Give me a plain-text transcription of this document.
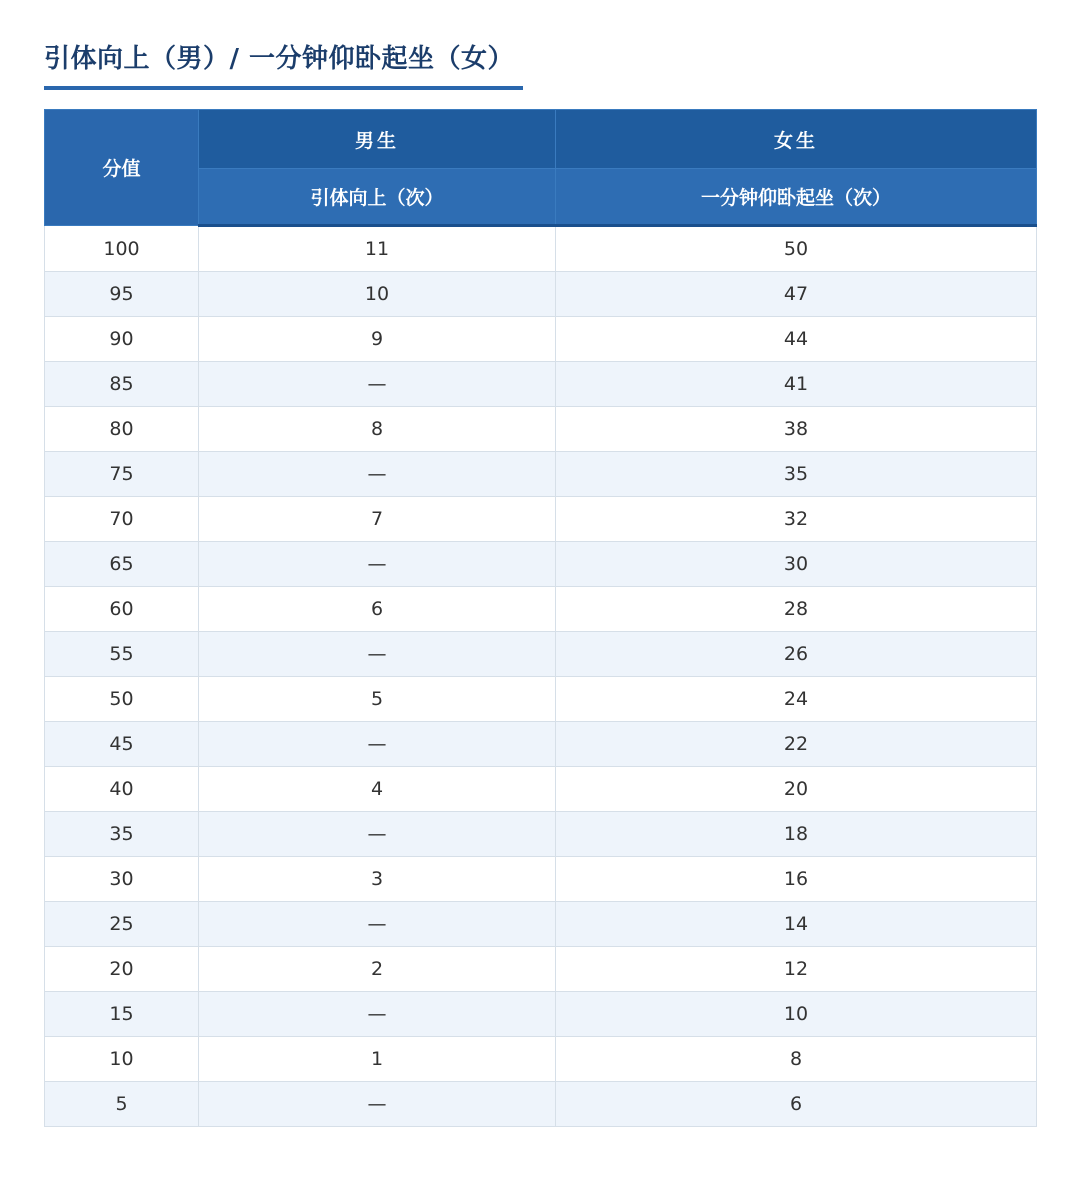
引体向上（男）/ 一分钟仰卧起坐（女）
分值	男生	女生
	引体向上（次）	一分钟仰卧起坐（次）
100	11	50
95	10	47
90	9	44
85	—	41
80	8	38
75	—	35
70	7	32
65	—	30
60	6	28
55	—	26
50	5	24
45	—	22
40	4	20
35	—	18
30	3	16
25	—	14
20	2	12
15	—	10
10	1	8
5	—	6
